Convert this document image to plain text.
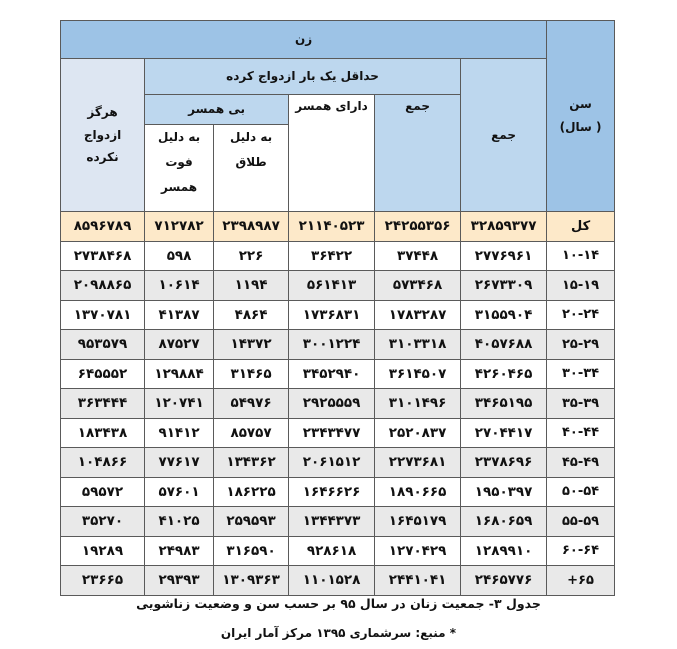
سن
( سال)	زن					
	جمع	حداقل یک بار ازدواج کرده				هرگز
ازدواج
نکرده
		جمع	دارای همسر	بی همسر		
				به دلیل
طلاق	به دلیل
فوت
همسر	
کل	۳۲۸۵۹۳۷۷	۲۴۲۵۵۳۵۶	۲۱۱۴۰۵۲۳	۲۳۹۸۹۸۷	۷۱۲۷۸۲	۸۵۹۶۷۸۹
۱۰-۱۴	۲۷۷۶۹۶۱	۳۷۴۴۸	۳۶۴۲۲	۲۲۶	۵۹۸	۲۷۳۸۴۶۸
۱۵-۱۹	۲۶۷۳۳۰۹	۵۷۳۴۶۸	۵۶۱۴۱۳	۱۱۹۴	۱۰۶۱۴	۲۰۹۸۸۶۵
۲۰-۲۴	۳۱۵۵۹۰۴	۱۷۸۳۲۸۷	۱۷۳۶۸۳۱	۴۸۶۴	۴۱۳۸۷	۱۳۷۰۷۸۱
۲۵-۲۹	۴۰۵۷۶۸۸	۳۱۰۳۳۱۸	۳۰۰۱۲۲۴	۱۴۳۷۲	۸۷۵۲۷	۹۵۳۵۷۹
۳۰-۳۴	۴۲۶۰۴۶۵	۳۶۱۴۵۰۷	۳۴۵۲۹۴۰	۳۱۴۶۵	۱۲۹۸۸۴	۶۴۵۵۵۲
۳۵-۳۹	۳۴۶۵۱۹۵	۳۱۰۱۴۹۶	۲۹۲۵۵۵۹	۵۴۹۷۶	۱۲۰۷۴۱	۳۶۳۴۴۴
۴۰-۴۴	۲۷۰۴۴۱۷	۲۵۲۰۸۳۷	۲۳۴۳۴۷۷	۸۵۷۵۷	۹۱۴۱۲	۱۸۳۴۳۸
۴۵-۴۹	۲۳۷۸۶۹۶	۲۲۷۳۶۸۱	۲۰۶۱۵۱۲	۱۳۴۳۶۲	۷۷۶۱۷	۱۰۴۸۶۶
۵۰-۵۴	۱۹۵۰۳۹۷	۱۸۹۰۶۶۵	۱۶۴۶۶۲۶	۱۸۶۲۲۵	۵۷۶۰۱	۵۹۵۷۲
۵۵-۵۹	۱۶۸۰۶۵۹	۱۶۴۵۱۷۹	۱۳۴۴۳۷۳	۲۵۹۵۹۳	۴۱۰۲۵	۳۵۲۷۰
۶۰-۶۴	۱۲۸۹۹۱۰	۱۲۷۰۴۲۹	۹۲۸۶۱۸	۳۱۶۵۹۰	۲۴۹۸۳	۱۹۲۸۹
۶۵+	۲۴۶۵۷۷۶	۲۴۴۱۰۴۱	۱۱۰۱۵۲۸	۱۳۰۹۳۶۳	۲۹۳۹۳	۲۳۶۶۵
جدول ۳- جمعیت زنان در سال ۹۵ بر حسب سن و وضعیت زناشویی
* منبع: سرشماری ۱۳۹۵ مرکز آمار ایران
